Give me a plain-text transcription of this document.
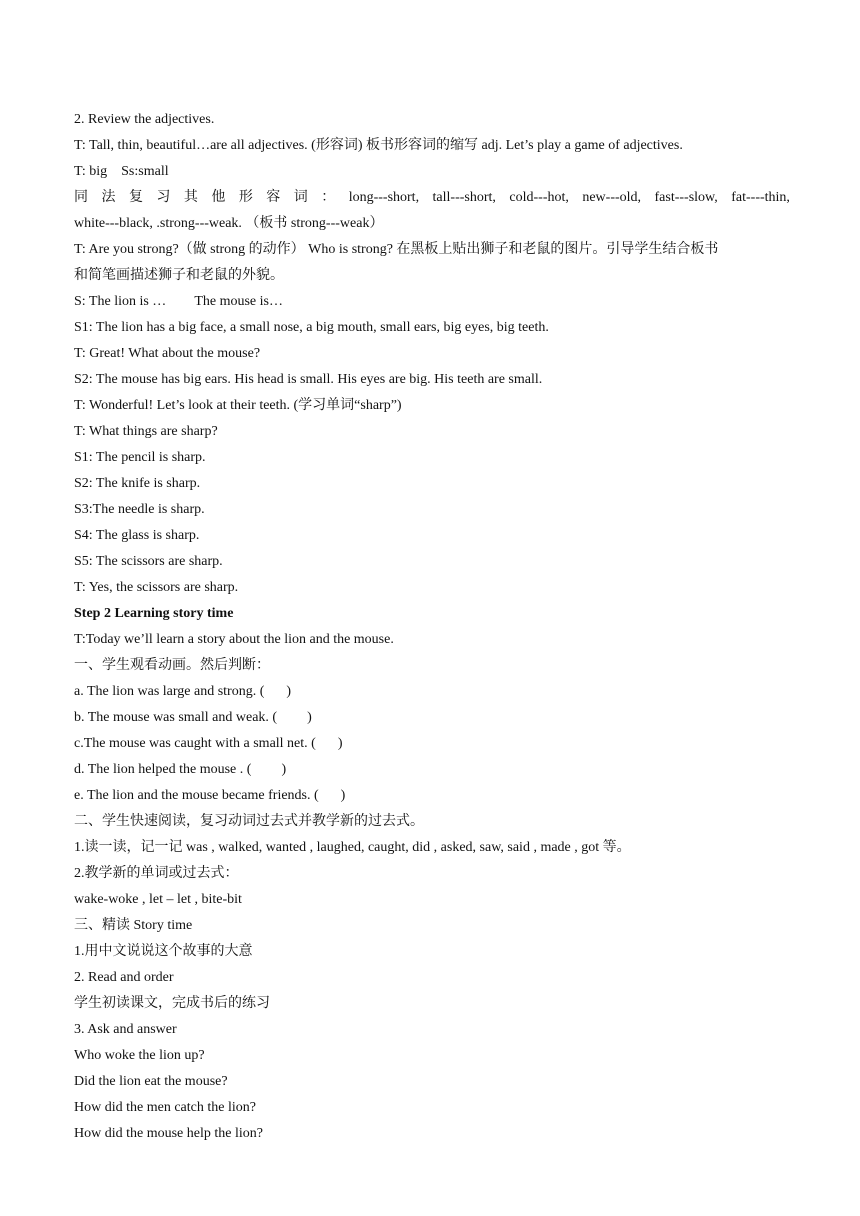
2. Review the adjectives.
T: Tall, thin, beautiful…are all adjectives. (形容词) 板书形容词的缩写 adj. Let’s play a game of adjectives.
T: big Ss:small
同 法 复 习 其 他 形 容 词 ： long---short, tall---short, cold---hot, new---old, fast---slow, fat----thin,
white---black, .strong---weak. （板书 strong---weak）
T: Are you strong?（做 strong 的动作） Who is strong? 在黑板上贴出狮子和老鼠的图片。引导学生结合板书
和简笔画描述狮子和老鼠的外貌。
S: The lion is … The mouse is…
S1: The lion has a big face, a small nose, a big mouth, small ears, big eyes, big teeth.
T: Great! What about the mouse?
S2: The mouse has big ears. His head is small. His eyes are big. His teeth are small.
T: Wonderful! Let’s look at their teeth. (学习单词“sharp”)
T: What things are sharp?
S1: The pencil is sharp.
S2: The knife is sharp.
S3:The needle is sharp.
S4: The glass is sharp.
S5: The scissors are sharp.
T: Yes, the scissors are sharp.
Step 2 Learning story time
T:Today we’ll learn a story about the lion and the mouse.
一、学生观看动画。然后判断：
a. The lion was large and strong. ( )
b. The mouse was small and weak. ( )
c.The mouse was caught with a small net. ( )
d. The lion helped the mouse . ( )
e. The lion and the mouse became friends. ( )
二、学生快速阅读，复习动词过去式并教学新的过去式。
1.读一读，记一记 was , walked, wanted , laughed, caught, did , asked, saw, said , made , got 等。
2.教学新的单词或过去式：
wake-woke , let – let , bite-bit
三、精读 Story time
1.用中文说说这个故事的大意
2. Read and order
学生初读课文，完成书后的练习
3. Ask and answer
Who woke the lion up?
Did the lion eat the mouse?
How did the men catch the lion?
How did the mouse help the lion?
